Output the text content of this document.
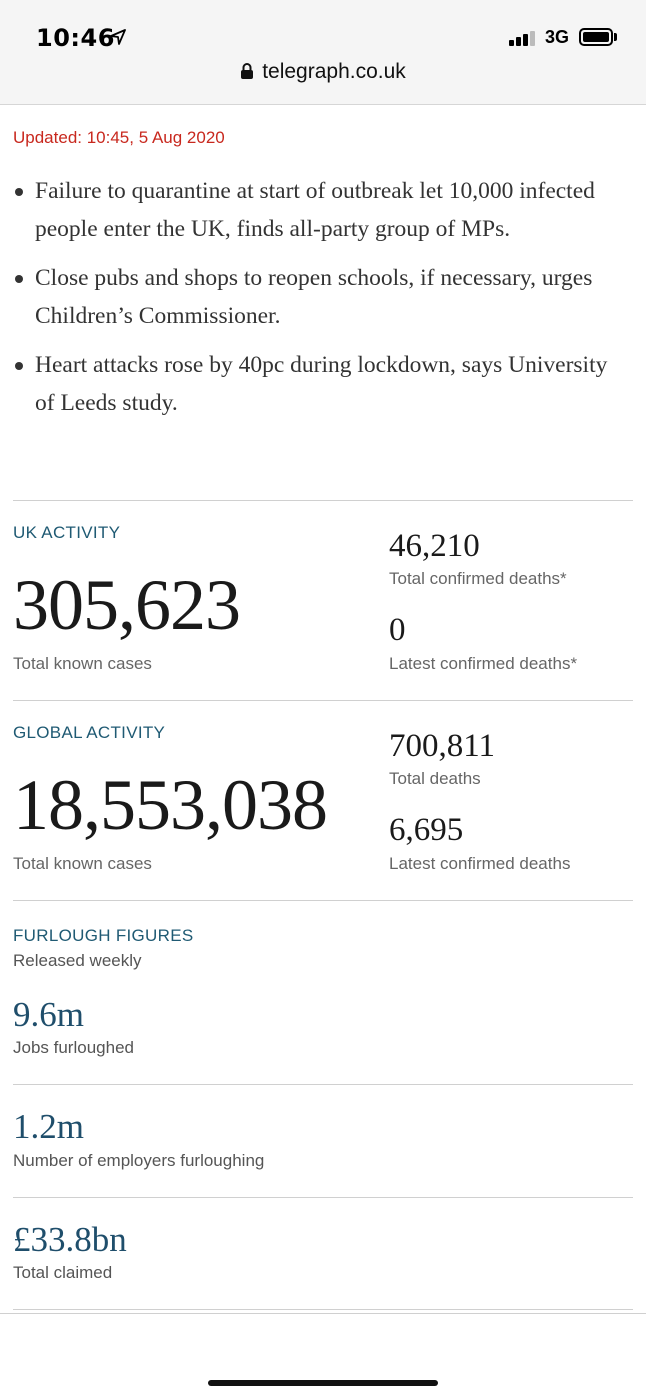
10:46	3G
telegraph.co.uk
Updated: 10:45, 5 Aug 2020
Failure to quarantine at start of outbreak let 10,000 infected people enter the UK, finds all-party group of MPs.
Close pubs and shops to reopen schools, if necessary, urges Children’s Commissioner.
Heart attacks rose by 40pc during lockdown, says University of Leeds study.
UK ACTIVITY
305,623
Total known cases
46,210
Total confirmed deaths*
0
Latest confirmed deaths*
GLOBAL ACTIVITY
18,553,038
Total known cases
700,811
Total deaths
6,695
Latest confirmed deaths
FURLOUGH FIGURES
Released weekly
9.6m
Jobs furloughed
1.2m
Number of employers furloughing
£33.8bn
Total claimed
